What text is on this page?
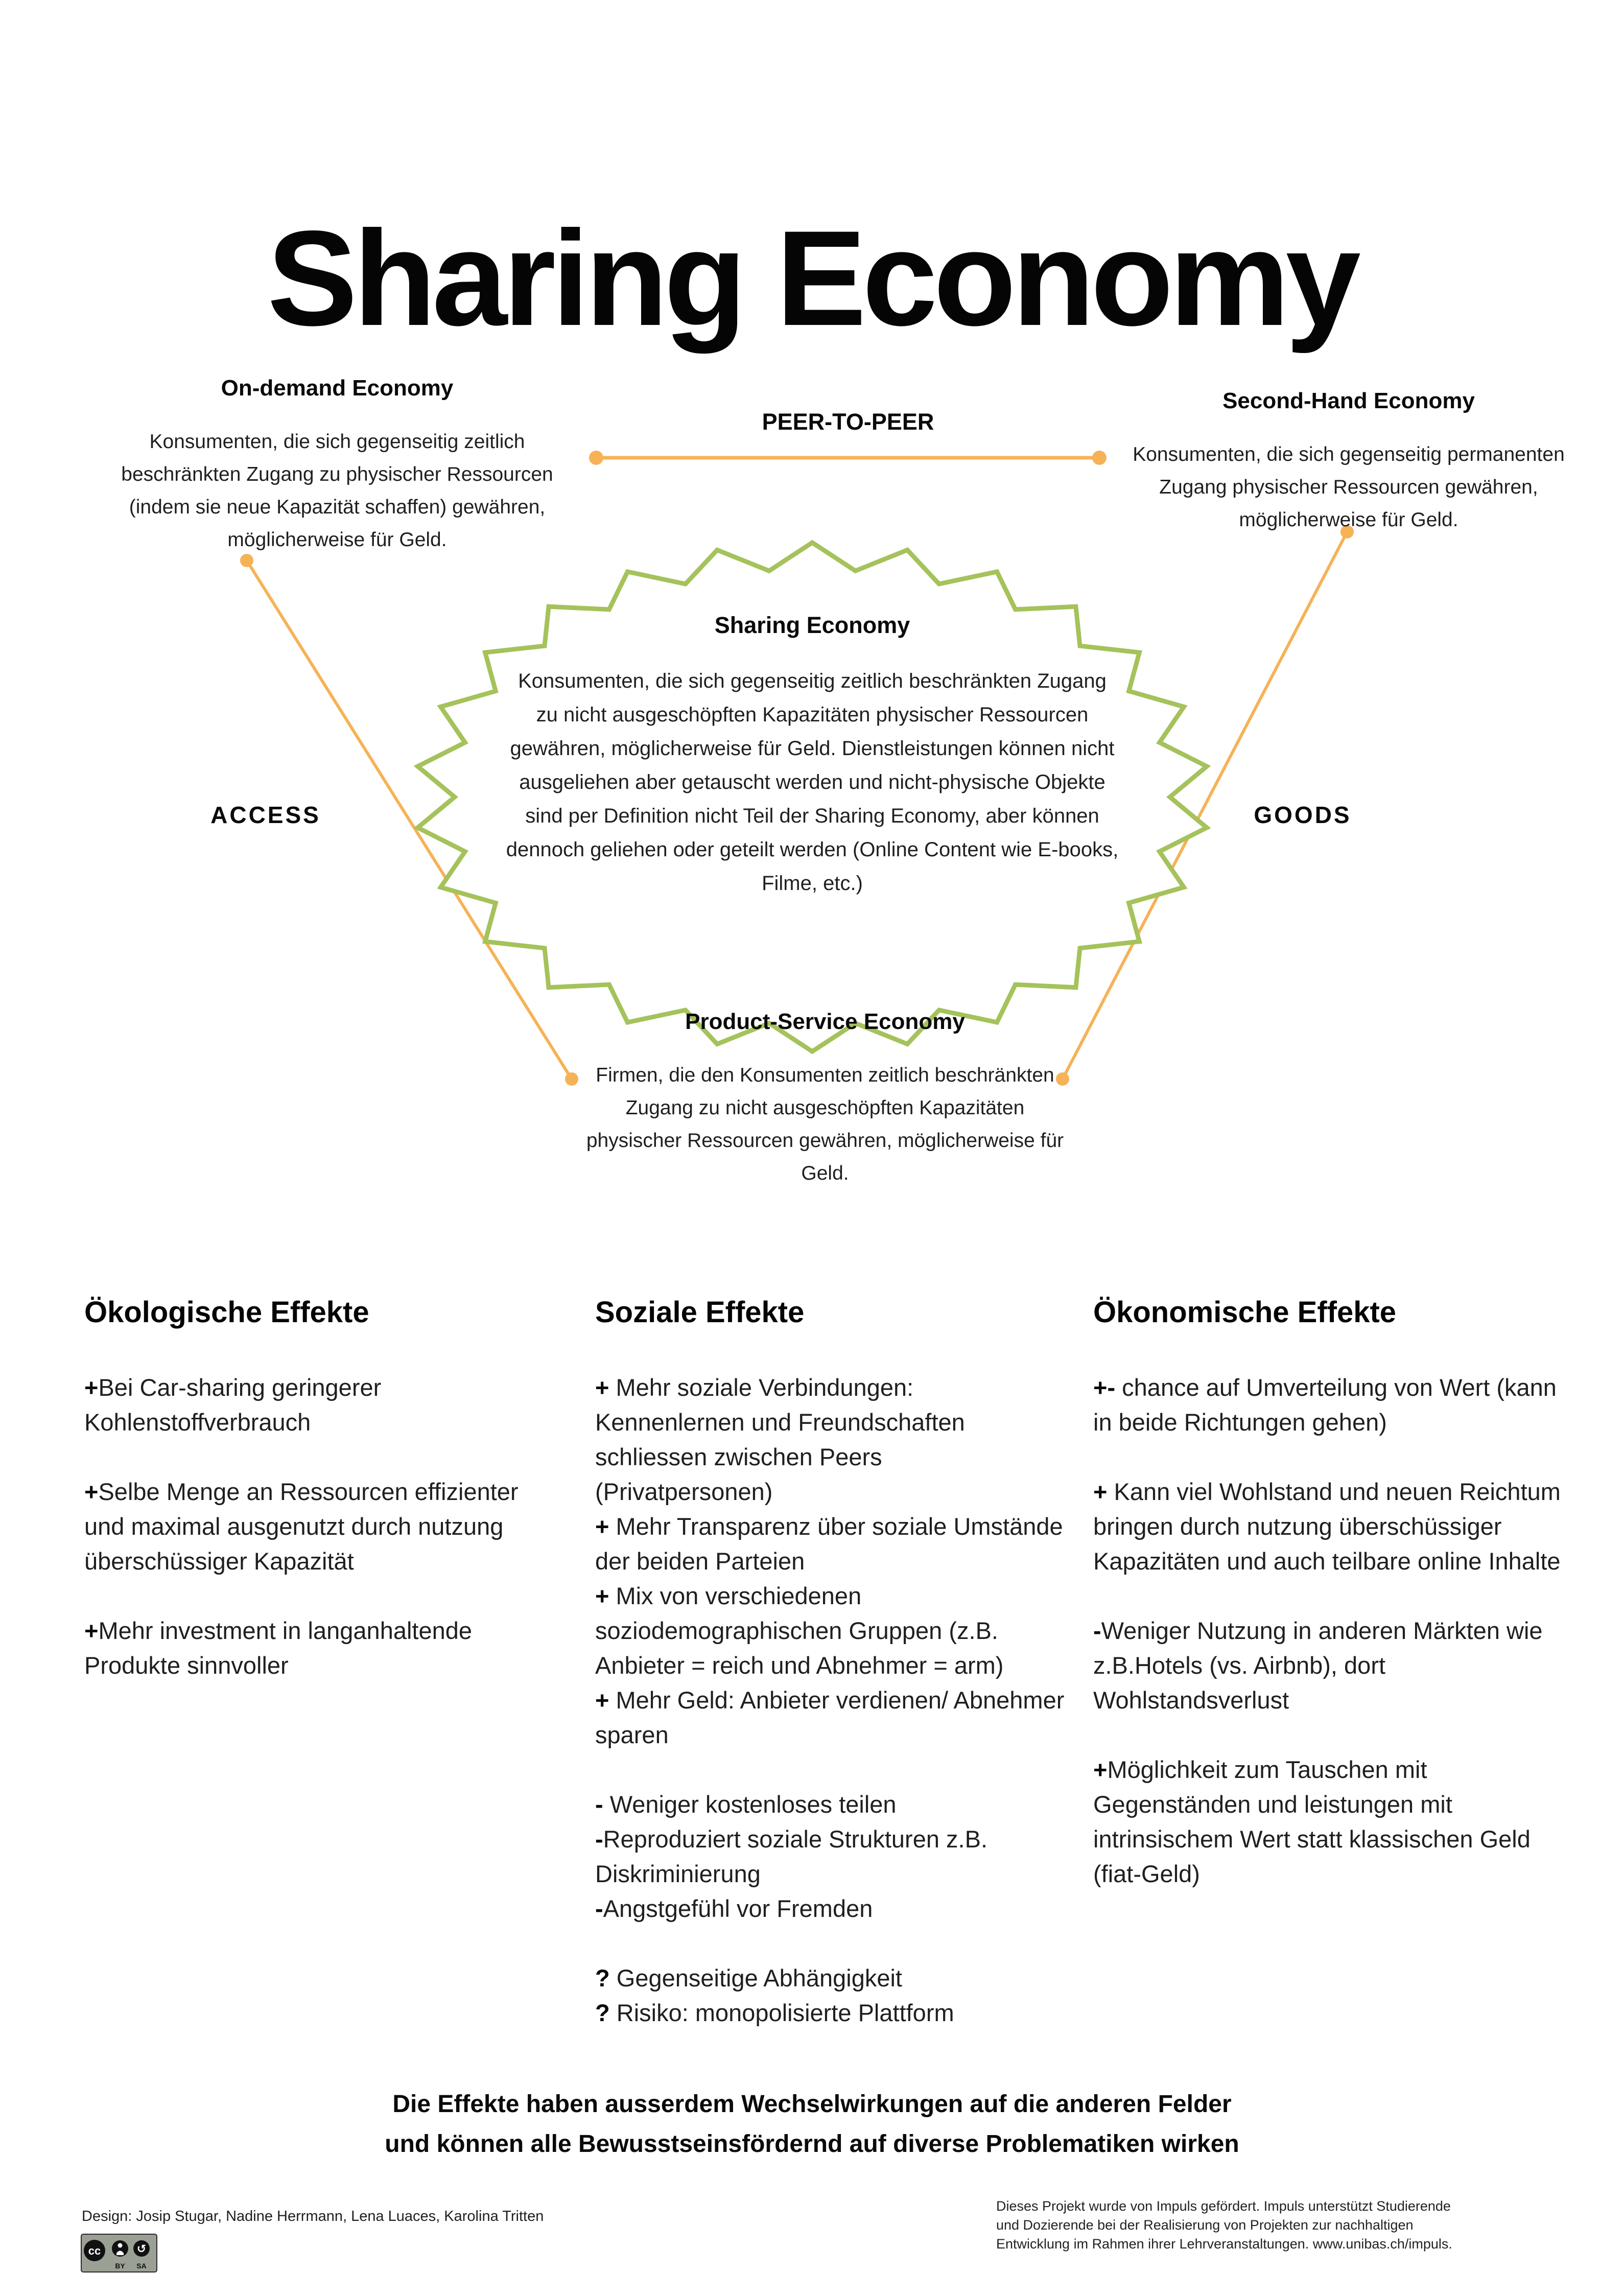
Sharing Economy
On-demand Economy

Konsumenten, die sich gegenseitig zeitlich beschränkten Zugang zu physischer Ressourcen (indem sie neue Kapazität schaffen) gewähren, möglicherweise für Geld.

PEER-TO-PEER
Second-Hand Economy

Konsumenten, die sich gegenseitig permanenten Zugang physischer Ressourcen gewähren, möglicherweise für Geld.

ACCESS	GOODS
Sharing Economy

Konsumenten, die sich gegenseitig zeitlich beschränkten Zugang zu nicht ausgeschöpften Kapazitäten physischer Ressourcen gewähren, möglicherweise für Geld. Dienstleistungen können nicht ausgeliehen aber getauscht werden und nicht-physische Objekte sind per Definition nicht Teil der Sharing Economy, aber können dennoch geliehen oder geteilt werden (Online Content wie E-books, Filme, etc.)

Product-Service Economy

Firmen, die den Konsumenten zeitlich beschränkten Zugang zu nicht ausgeschöpften Kapazitäten physischer Ressourcen gewähren, möglicherweise für Geld.

Ökologische Effekte

+Bei Car-sharing geringerer Kohlenstoffverbrauch

+Selbe Menge an Ressourcen effizienter und maximal ausgenutzt durch nutzung überschüssiger Kapazität

+Mehr investment in langanhaltende Produkte sinnvoller

Soziale Effekte

+ Mehr soziale Verbindungen: Kennenlernen und Freundschaften schliessen zwischen Peers (Privatpersonen)

+ Mehr Transparenz über soziale Umstände der beiden Parteien

+ Mix von verschiedenen soziodemographischen Gruppen (z.B. Anbieter = reich und Abnehmer = arm)

+ Mehr Geld: Anbieter verdienen/ Abnehmer sparen

- Weniger kostenloses teilen

-Reproduziert soziale Strukturen z.B. Diskriminierung

-Angstgefühl vor Fremden

? Gegenseitige Abhängigkeit

? Risiko: monopolisierte Plattform

Ökonomische Effekte

+- chance auf Umverteilung von Wert (kann in beide Richtungen gehen)

+ Kann viel Wohlstand und neuen Reichtum bringen durch nutzung überschüssiger Kapazitäten und auch teilbare online Inhalte

-Weniger Nutzung in anderen Märkten wie z.B.Hotels (vs. Airbnb), dort Wohlstandsverlust

+Möglichkeit zum Tauschen mit Gegenständen und leistungen mit intrinsischem Wert statt klassischen Geld (fiat-Geld)

Die Effekte haben ausserdem Wechselwirkungen auf die anderen Felder
und können alle Bewusstseinsfördernd auf diverse Problematiken wirken
Design: Josip Stugar, Nadine Herrmann, Lena Luaces, Karolina Tritten
cc	↺
BY SA
Dieses Projekt wurde von Impuls gefördert. Impuls unterstützt Studierende
und Dozierende bei der Realisierung von Projekten zur nachhaltigen
Entwicklung im Rahmen ihrer Lehrveranstaltungen. www.unibas.ch/impuls.
